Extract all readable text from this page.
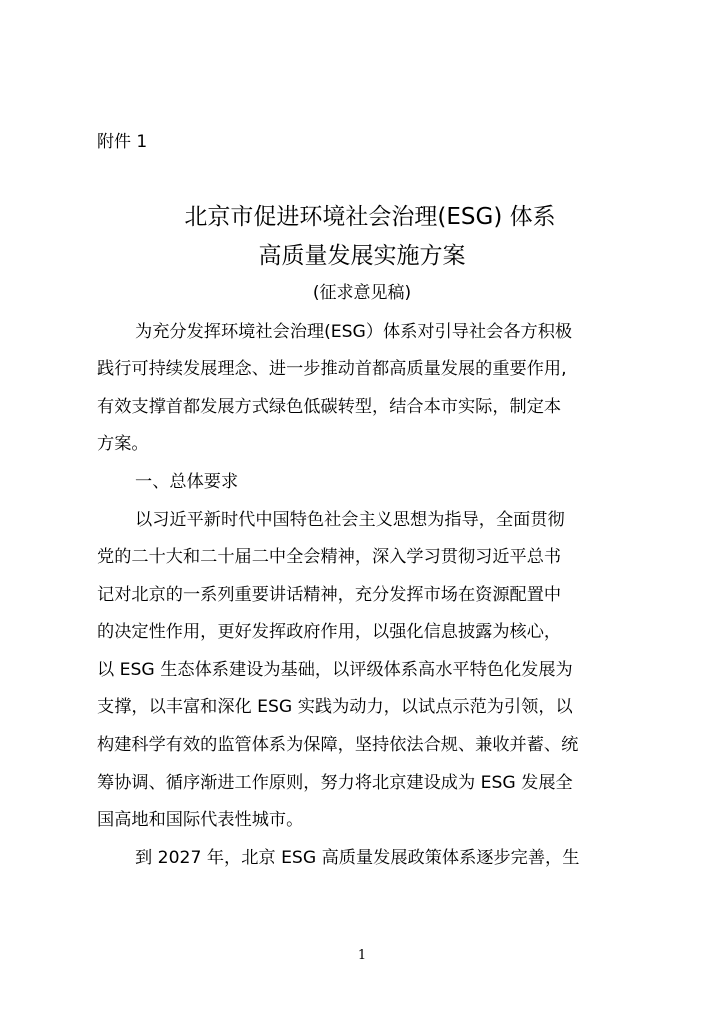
附件 1
北京市促进环境社会治理(ESG) 体系
高质量发展实施方案
(征求意见稿)
为充分发挥环境社会治理(ESG）体系对引导社会各方积极
践行可持续发展理念、进一步推动首都高质量发展的重要作用,
有效支撑首都发展方式绿色低碳转型，结合本市实际，制定本
方案。
一、总体要求
以习近平新时代中国特色社会主义思想为指导，全面贯彻
党的二十大和二十届二中全会精神，深入学习贯彻习近平总书
记对北京的一系列重要讲话精神，充分发挥市场在资源配置中
的决定性作用，更好发挥政府作用，以强化信息披露为核心，
以 ESG 生态体系建设为基础，以评级体系高水平特色化发展为
支撑，以丰富和深化 ESG 实践为动力，以试点示范为引领，以
构建科学有效的监管体系为保障，坚持依法合规、兼收并蓄、统
筹协调、循序渐进工作原则，努力将北京建设成为 ESG 发展全
国高地和国际代表性城市。
到 2027 年，北京 ESG 高质量发展政策体系逐步完善，生
1
